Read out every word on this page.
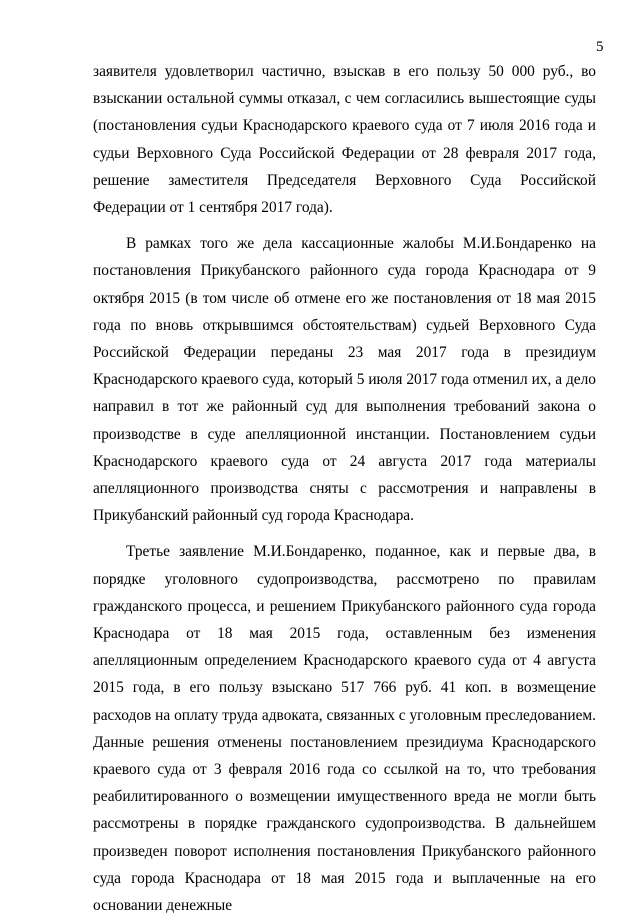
5

заявителя удовлетворил частично, взыскав в его пользу 50 000 руб., во взыскании остальной суммы отказал, с чем согласились вышестоящие суды (постановления судьи Краснодарского краевого суда от 7 июля 2016 года и судьи Верховного Суда Российской Федерации от 28 февраля 2017 года, решение заместителя Председателя Верховного Суда Российской Федерации от 1 сентября 2017 года).

В рамках того же дела кассационные жалобы М.И.Бондаренко на постановления Прикубанского районного суда города Краснодара от 9 октября 2015 (в том числе об отмене его же постановления от 18 мая 2015 года по вновь открывшимся обстоятельствам) судьей Верховного Суда Российской Федерации переданы 23 мая 2017 года в президиум Краснодарского краевого суда, который 5 июля 2017 года отменил их, а дело направил в тот же районный суд для выполнения требований закона о производстве в суде апелляционной инстанции. Постановлением судьи Краснодарского краевого суда от 24 августа 2017 года материалы апелляционного производства сняты с рассмотрения и направлены в Прикубанский районный суд города Краснодара.

Третье заявление М.И.Бондаренко, поданное, как и первые два, в порядке уголовного судопроизводства, рассмотрено по правилам гражданского процесса, и решением Прикубанского районного суда города Краснодара от 18 мая 2015 года, оставленным без изменения апелляционным определением Краснодарского краевого суда от 4 августа 2015 года, в его пользу взыскано 517 766 руб. 41 коп. в возмещение расходов на оплату труда адвоката, связанных с уголовным преследованием. Данные решения отменены постановлением президиума Краснодарского краевого суда от 3 февраля 2016 года со ссылкой на то, что требования реабилитированного о возмещении имущественного вреда не могли быть рассмотрены в порядке гражданского судопроизводства. В дальнейшем произведен поворот исполнения постановления Прикубанского районного суда города Краснодара от 18 мая 2015 года и выплаченные на его основании денежные
